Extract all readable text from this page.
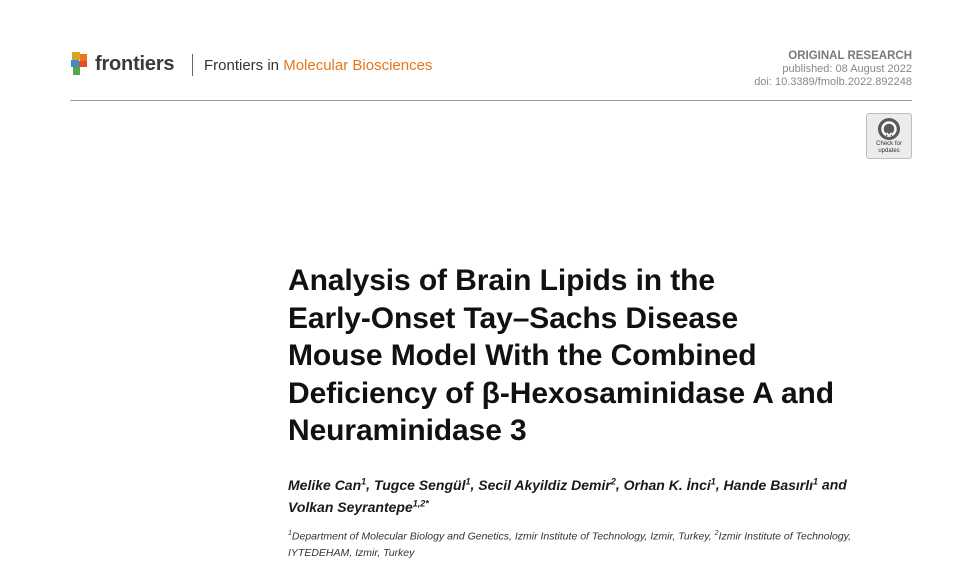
frontiers Frontiers in Molecular Biosciences
ORIGINAL RESEARCH
published: 08 August 2022
doi: 10.3389/fmolb.2022.892248
Check for
updates
Analysis of Brain Lipids in the
Early-Onset Tay–Sachs Disease
Mouse Model With the Combined
Deficiency of β-Hexosaminidase A and
Neuraminidase 3
Melike Can$^1$, Tugce Sengül$^1$, Secil Akyildiz Demir$^2$, Orhan K. İnci$^1$, Hande Basırlı$^1$ and
Volkan Seyrantepe$^{1,2*}$
$^1$Department of Molecular Biology and Genetics, Izmir Institute of Technology, Izmir, Turkey, $^2$Izmir Institute of Technology, IYTEDEHAM, Izmir, Turkey
